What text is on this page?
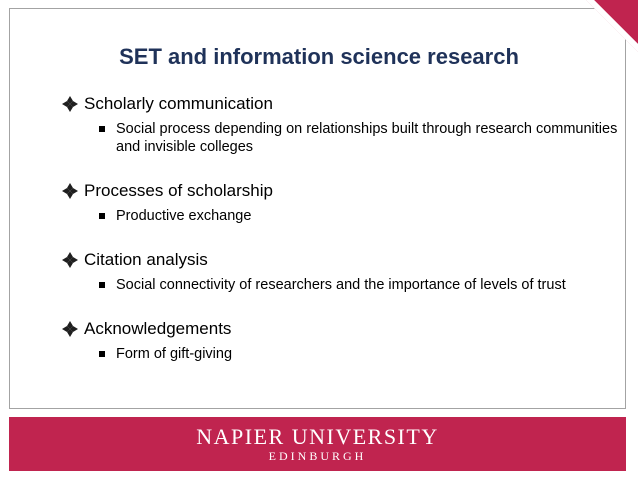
SET and information science research
Scholarly communication
Social process depending on relationships built through research communities and invisible colleges
Processes of scholarship
Productive exchange
Citation analysis
Social connectivity of researchers and the importance of levels of trust
Acknowledgements
Form of gift-giving
NAPIER UNIVERSITY
EDINBURGH
